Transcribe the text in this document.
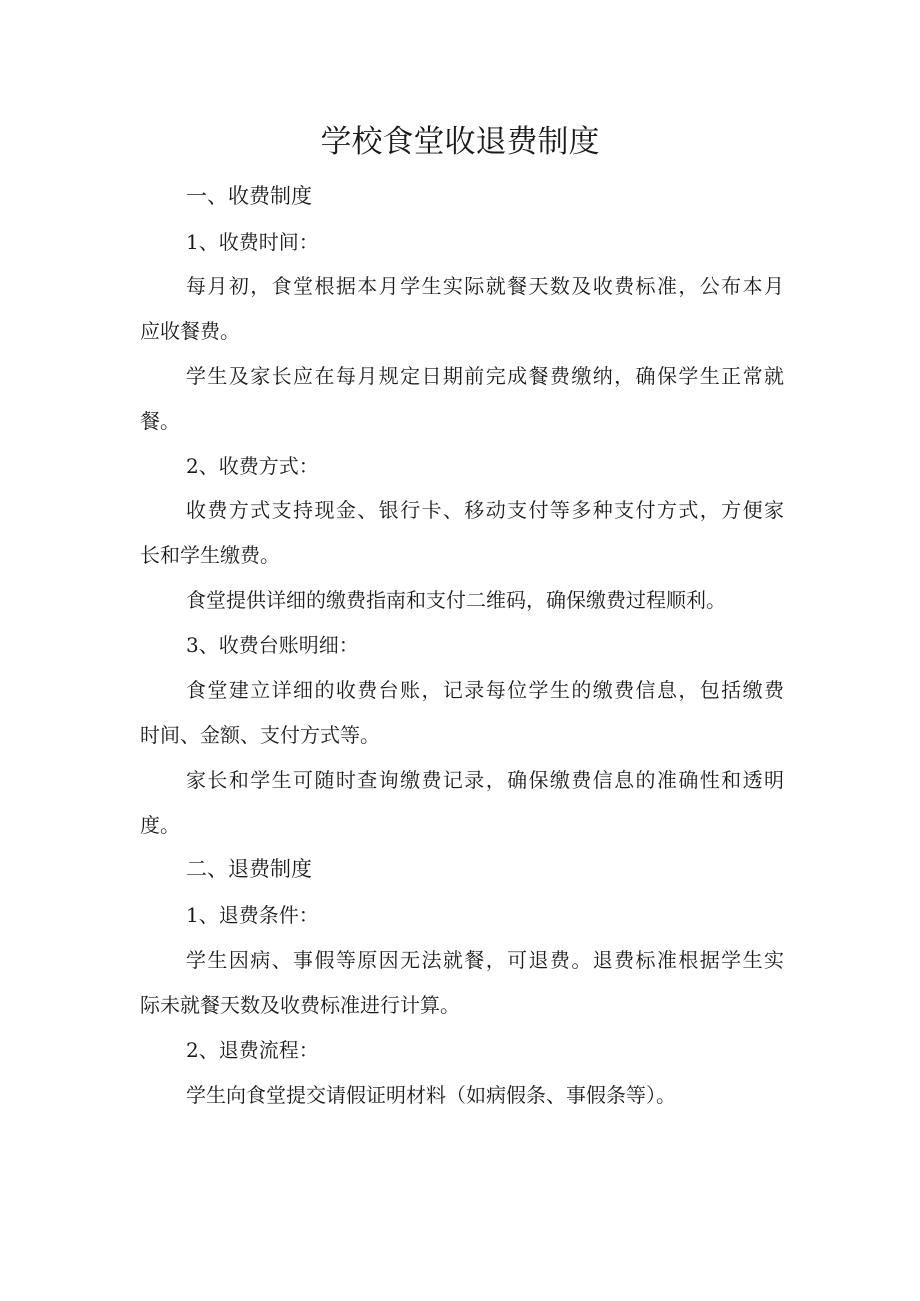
学校食堂收退费制度

一、收费制度

1、收费时间：

每月初，食堂根据本月学生实际就餐天数及收费标准，公布本月

应收餐费。

学生及家长应在每月规定日期前完成餐费缴纳，确保学生正常就

餐。

2、收费方式：

收费方式支持现金、银行卡、移动支付等多种支付方式，方便家

长和学生缴费。

食堂提供详细的缴费指南和支付二维码，确保缴费过程顺利。

3、收费台账明细：

食堂建立详细的收费台账，记录每位学生的缴费信息，包括缴费

时间、金额、支付方式等。

家长和学生可随时查询缴费记录，确保缴费信息的准确性和透明

度。

二、退费制度

1、退费条件：

学生因病、事假等原因无法就餐，可退费。退费标准根据学生实

际未就餐天数及收费标准进行计算。

2、退费流程：

学生向食堂提交请假证明材料（如病假条、事假条等）。
